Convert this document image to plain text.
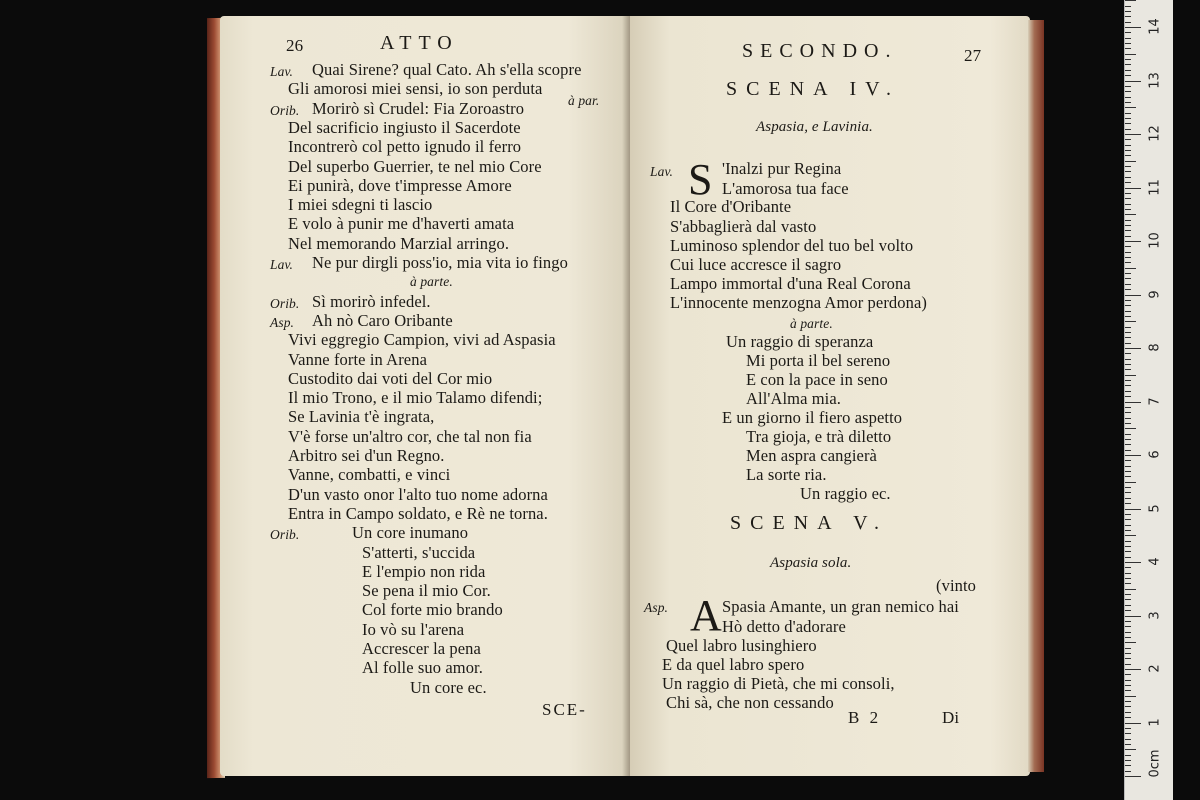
26	ATTO
Lav. Quai Sirene? qual Cato. Ah s'ella scopre
Gli amorosi miei sensi, io son perduta
à par.
Orib. Morirò sì Crudel: Fia Zoroastro
Del sacrificio ingiusto il Sacerdote
Incontrerò col petto ignudo il ferro
Del superbo Guerrier, te nel mio Core
Ei punirà, dove t'impresse Amore
I miei sdegni ti lascio
E volo à punir me d'haverti amata
Nel memorando Marzial arringo.
Lav. Ne pur dirgli poss'io, mia vita io fingo
à parte.
Orib. Sì morirò infedel.
Asp. Ah nò Caro Oribante
Vivi eggregio Campion, vivi ad Aspasia
Vanne forte in Arena
Custodito dai voti del Cor mio
Il mio Trono, e il mio Talamo difendi;
Se Lavinia t'è ingrata,
V'è forse un'altro cor, che tal non fia
Arbitro sei d'un Regno.
Vanne, combatti, e vinci
D'un vasto onor l'alto tuo nome adorna
Entra in Campo soldato, e Rè ne torna.
Orib.	Un core inumano
S'atterti, s'uccida
E l'empio non rida
Se pena il mio Cor.
Col forte mio brando
Io vò su l'arena
Accrescer la pena
Al folle suo amor.
Un core ec.
SCE-
SECONDO.	27
SCENA IV.
Aspasia, e Lavinia.
Lav. S 'Inalzi pur Regina
L'amorosa tua face
Il Core d'Oribante
S'abbaglierà dal vasto
Luminoso splendor del tuo bel volto
Cui luce accresce il sagro
Lampo immortal d'una Real Corona
L'innocente menzogna Amor perdona)
à parte.
Un raggio di speranza
Mi porta il bel sereno
E con la pace in seno
All'Alma mia.
E un giorno il fiero aspetto
Tra gioja, e trà diletto
Men aspra cangierà
La sorte ria.
Un raggio ec.
SCENA V.
Aspasia sola.
(vinto
Asp. A Spasia Amante, un gran nemico hai
Hò detto d'adorare
Quel labro lusinghiero
E da quel labro spero
Un raggio di Pietà, che mi consoli,
Chi sà, che non cessando
B 2	Di
0cm
1
2
3
4
5
6
7
8
9
10
11
12
13
14
